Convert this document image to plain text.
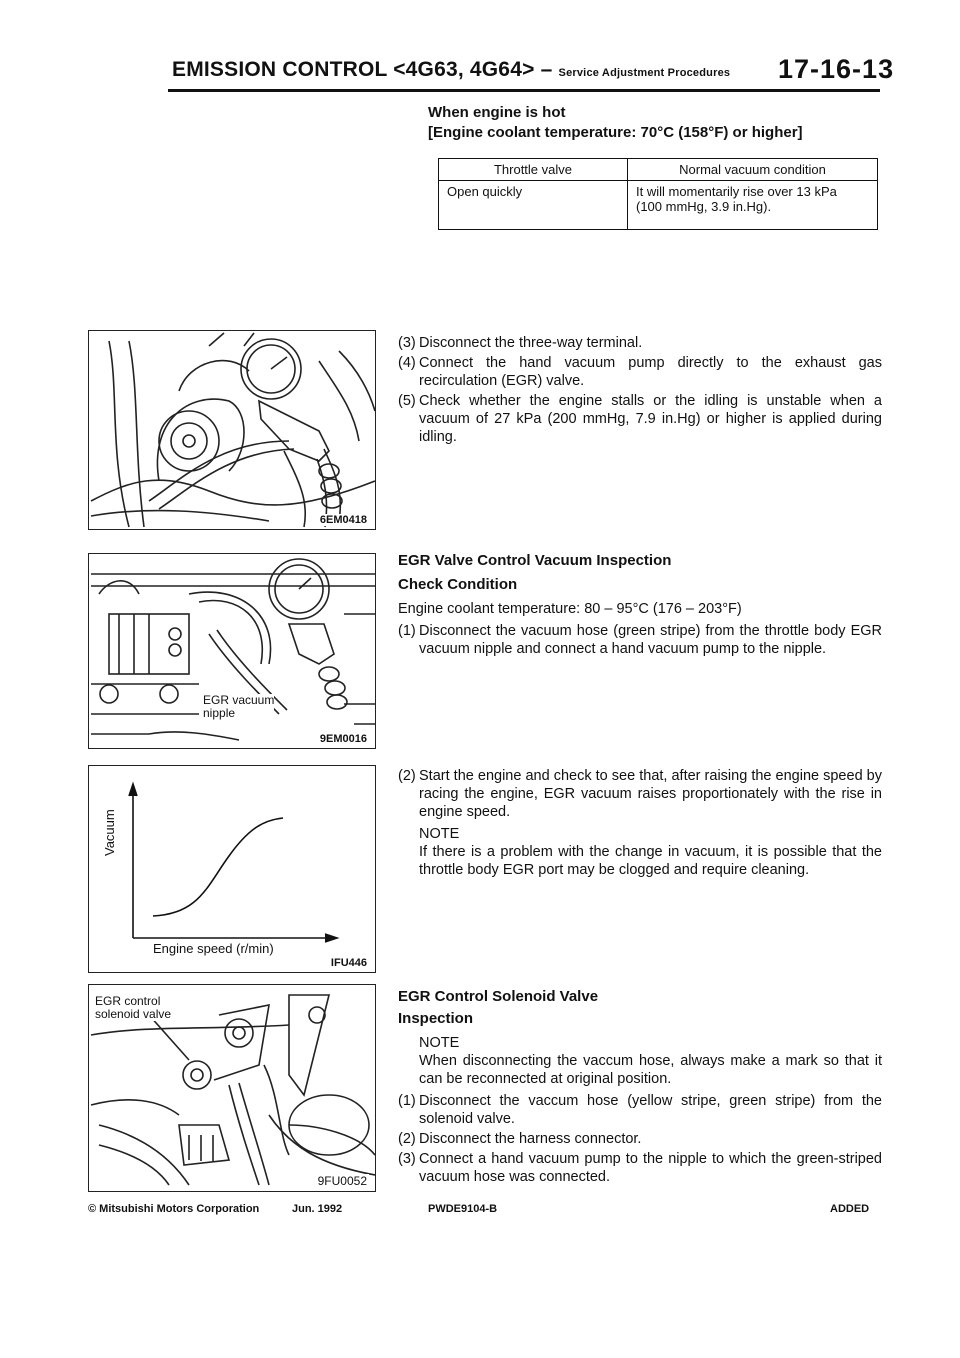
EMISSION CONTROL <4G63, 4G64> – Service Adjustment Procedures 17-16-13
When engine is hot
[Engine coolant temperature: 70°C (158°F) or higher]
Throttle valve	Normal vacuum condition
Open quickly	It will momentarily rise over 13 kPa
(100 mmHg, 3.9 in.Hg).
6EM0418
EGR vacuum
nipple
9EM0016
Vacuum
Engine speed (r/min)
IFU446
EGR control
solenoid valve
9FU0052
(3) Disconnect the three-way terminal.
(4) Connect the hand vacuum pump directly to the exhaust gas recirculation (EGR) valve.
(5) Check whether the engine stalls or the idling is unstable when a vacuum of 27 kPa (200 mmHg, 7.9 in.Hg) or higher is applied during idling.
EGR Valve Control Vacuum Inspection
Check Condition
Engine coolant temperature: 80 – 95°C (176 – 203°F)
(1) Disconnect the vacuum hose (green stripe) from the throttle body EGR vacuum nipple and connect a hand vacuum pump to the nipple.
(2) Start the engine and check to see that, after raising the engine speed by racing the engine, EGR vacuum raises proportionately with the rise in engine speed.
NOTE
If there is a problem with the change in vacuum, it is possible that the throttle body EGR port may be clogged and require cleaning.
EGR Control Solenoid Valve
Inspection
NOTE
When disconnecting the vaccum hose, always make a mark so that it can be reconnected at original position.
(1) Disconnect the vaccum hose (yellow stripe, green stripe) from the solenoid valve.
(2) Disconnect the harness connector.
(3) Connect a hand vacuum pump to the nipple to which the green-striped vacuum hose was connected.
© Mitsubishi Motors Corporation	Jun. 1992	PWDE9104-B	ADDED
